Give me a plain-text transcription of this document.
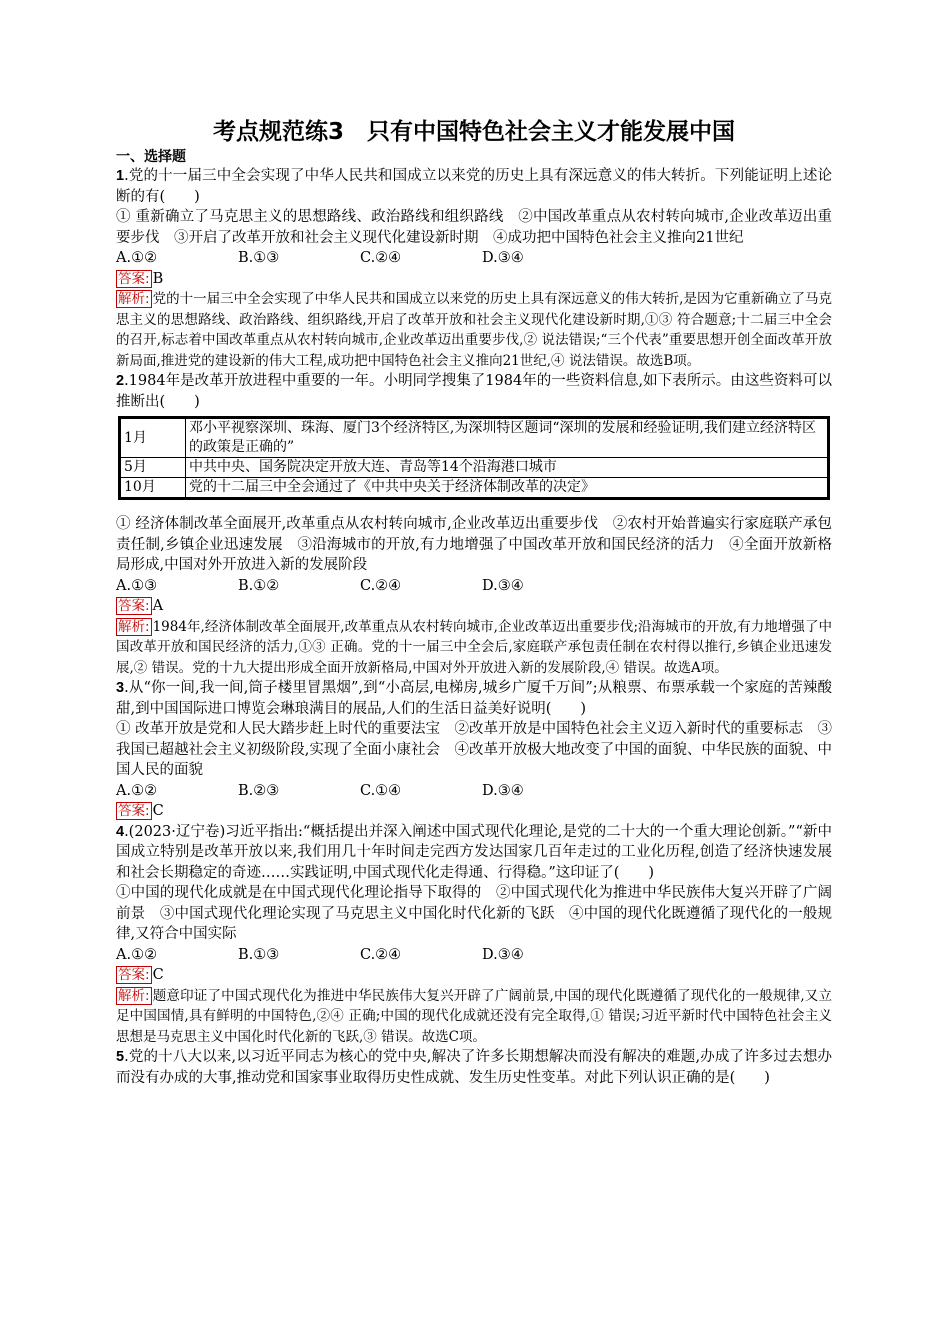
考点规范练3　只有中国特色社会主义才能发展中国
一、选择题
1.党的十一届三中全会实现了中华人民共和国成立以来党的历史上具有深远意义的伟大转折。下列能证明上述论断的有(　　)
① 重新确立了马克思主义的思想路线、政治路线和组织路线　②中国改革重点从农村转向城市,企业改革迈出重要步伐　③开启了改革开放和社会主义现代化建设新时期　④成功把中国特色社会主义推向21世纪
A.①②	B.①③	C.②④	D.③④
答案: B
解析: 党的十一届三中全会实现了中华人民共和国成立以来党的历史上具有深远意义的伟大转折,是因为它重新确立了马克思主义的思想路线、政治路线、组织路线,开启了改革开放和社会主义现代化建设新时期,①③ 符合题意;十二届三中全会的召开,标志着中国改革重点从农村转向城市,企业改革迈出重要步伐,② 说法错误;“三个代表”重要思想开创全面改革开放新局面,推进党的建设新的伟大工程,成功把中国特色社会主义推向21世纪,④ 说法错误。故选B项。
2.1984年是改革开放进程中重要的一年。小明同学搜集了1984年的一些资料信息,如下表所示。由这些资料可以推断出(　　)
1月	邓小平视察深圳、珠海、厦门3个经济特区,为深圳特区题词“深圳的发展和经验证明,我们建立经济特区的政策是正确的”
5月	中共中央、国务院决定开放大连、青岛等14个沿海港口城市
10月	党的十二届三中全会通过了《中共中央关于经济体制改革的决定》
① 经济体制改革全面展开,改革重点从农村转向城市,企业改革迈出重要步伐　②农村开始普遍实行家庭联产承包责任制,乡镇企业迅速发展　③沿海城市的开放,有力地增强了中国改革开放和国民经济的活力　④全面开放新格局形成,中国对外开放进入新的发展阶段
A.①③	B.①②	C.②④	D.③④
答案: A
解析: 1984年,经济体制改革全面展开,改革重点从农村转向城市,企业改革迈出重要步伐;沿海城市的开放,有力地增强了中国改革开放和国民经济的活力,①③ 正确。党的十一届三中全会后,家庭联产承包责任制在农村得以推行,乡镇企业迅速发展,② 错误。党的十九大提出形成全面开放新格局,中国对外开放进入新的发展阶段,④ 错误。故选A项。
3.从“你一间,我一间,筒子楼里冒黑烟”,到“小高层,电梯房,城乡广厦千万间”;从粮票、布票承载一个家庭的苦辣酸甜,到中国国际进口博览会琳琅满目的展品,人们的生活日益美好说明(　　)
① 改革开放是党和人民大踏步赶上时代的重要法宝　②改革开放是中国特色社会主义迈入新时代的重要标志　③我国已超越社会主义初级阶段,实现了全面小康社会　④改革开放极大地改变了中国的面貌、中华民族的面貌、中国人民的面貌
A.①②	B.②③	C.①④	D.③④
答案: C
4.(2023·辽宁卷)习近平指出:“概括提出并深入阐述中国式现代化理论,是党的二十大的一个重大理论创新。”“新中国成立特别是改革开放以来,我们用几十年时间走完西方发达国家几百年走过的工业化历程,创造了经济快速发展和社会长期稳定的奇迹……实践证明,中国式现代化走得通、行得稳。”这印证了(　　)
①中国的现代化成就是在中国式现代化理论指导下取得的　②中国式现代化为推进中华民族伟大复兴开辟了广阔前景　③中国式现代化理论实现了马克思主义中国化时代化新的飞跃　④中国的现代化既遵循了现代化的一般规律,又符合中国实际
A.①②	B.①③	C.②④	D.③④
答案: C
解析: 题意印证了中国式现代化为推进中华民族伟大复兴开辟了广阔前景,中国的现代化既遵循了现代化的一般规律,又立足中国国情,具有鲜明的中国特色,②④ 正确;中国的现代化成就还没有完全取得,① 错误;习近平新时代中国特色社会主义思想是马克思主义中国化时代化新的飞跃,③ 错误。故选C项。
5.党的十八大以来,以习近平同志为核心的党中央,解决了许多长期想解决而没有解决的难题,办成了许多过去想办而没有办成的大事,推动党和国家事业取得历史性成就、发生历史性变革。对此下列认识正确的是(　　)
